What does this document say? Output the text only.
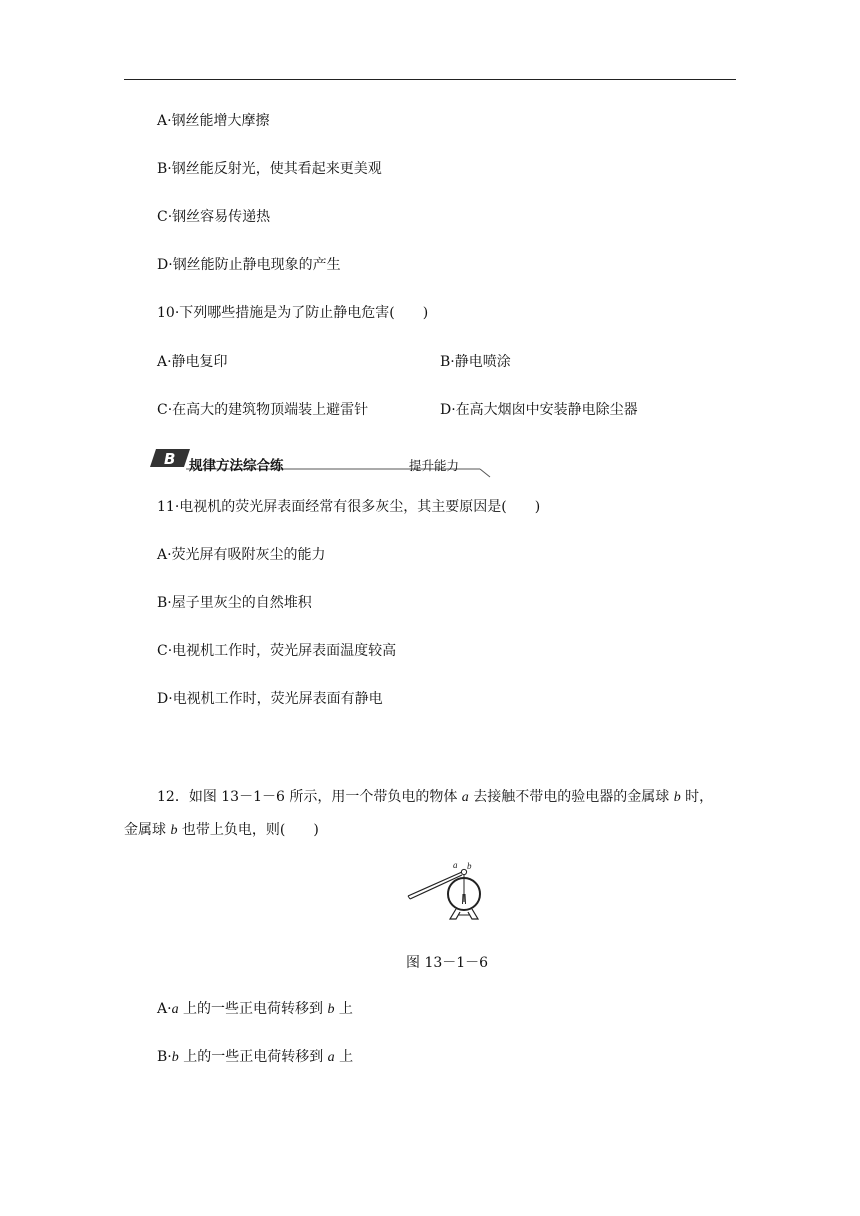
A·钢丝能增大摩擦
B·钢丝能反射光，使其看起来更美观
C·钢丝容易传递热
D·钢丝能防止静电现象的产生
10·下列哪些措施是为了防止静电危害(　　)
A·静电复印	B·静电喷涂
C·在高大的建筑物顶端装上避雷针	D·在高大烟囱中安装静电除尘器
B 规律方法综合练	提升能力
11·电视机的荧光屏表面经常有很多灰尘，其主要原因是(　　)
A·荧光屏有吸附灰尘的能力
B·屋子里灰尘的自然堆积
C·电视机工作时，荧光屏表面温度较高
D·电视机工作时，荧光屏表面有静电
12．如图 13－1－6 所示，用一个带负电的物体 a 去接触不带电的验电器的金属球 b 时，
金属球 b 也带上负电，则(　　)
a b
图 13－1－6
A·a 上的一些正电荷转移到 b 上
B·b 上的一些正电荷转移到 a 上
